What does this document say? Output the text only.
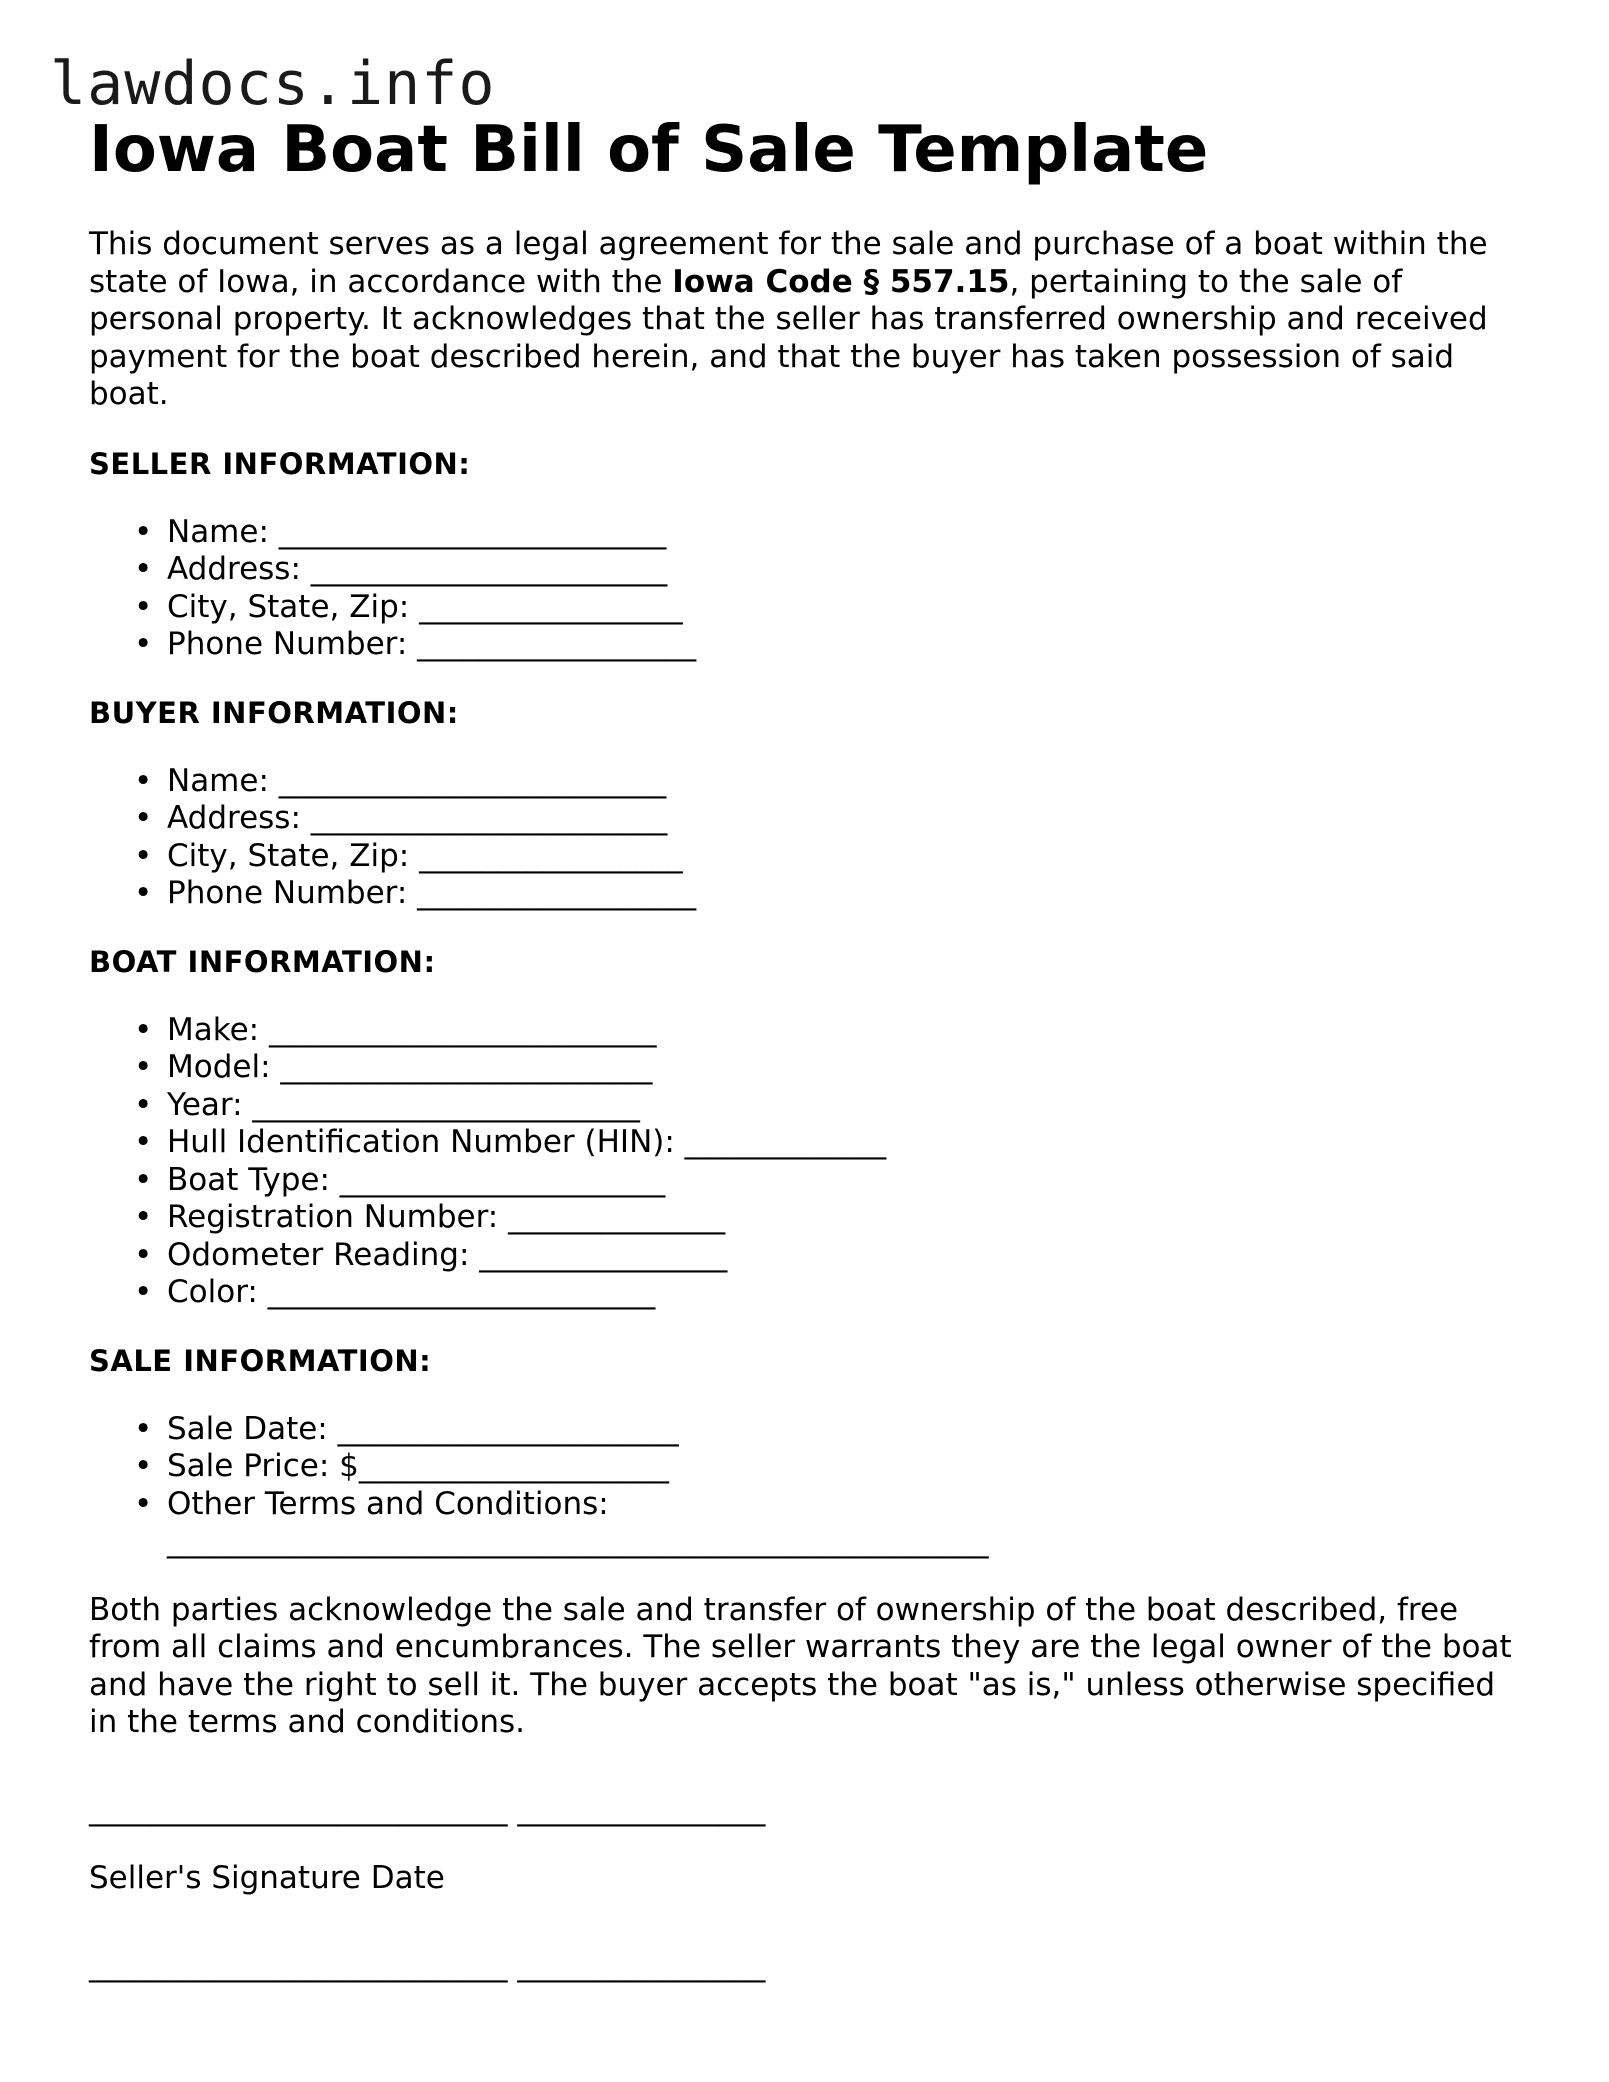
lawdocs.info
Iowa Boat Bill of Sale Template

This document serves as a legal agreement for the sale and purchase of a boat within the state of Iowa, in accordance with the Iowa Code § 557.15, pertaining to the sale of personal property. It acknowledges that the seller has transferred ownership and received payment for the boat described herein, and that the buyer has taken possession of said boat.

SELLER INFORMATION:
• Name: _________________________
• Address: _______________________
• City, State, Zip: _________________
• Phone Number: __________________
BUYER INFORMATION:
• Name: _________________________
• Address: _______________________
• City, State, Zip: _________________
• Phone Number: __________________
BOAT INFORMATION:
• Make: _________________________
• Model: ________________________
• Year: _________________________
• Hull Identification Number (HIN): _____________
• Boat Type: _____________________
• Registration Number: ______________
• Odometer Reading: ________________
• Color: _________________________
SALE INFORMATION:
• Sale Date: ______________________
• Sale Price: $____________________
• Other Terms and Conditions:
_____________________________________________________

Both parties acknowledge the sale and transfer of ownership of the boat described, free from all claims and encumbrances. The seller warrants they are the legal owner of the boat and have the right to sell it. The buyer accepts the boat "as is," unless otherwise specified in the terms and conditions.

___________________________ ________________

Seller's Signature Date

___________________________ ________________
